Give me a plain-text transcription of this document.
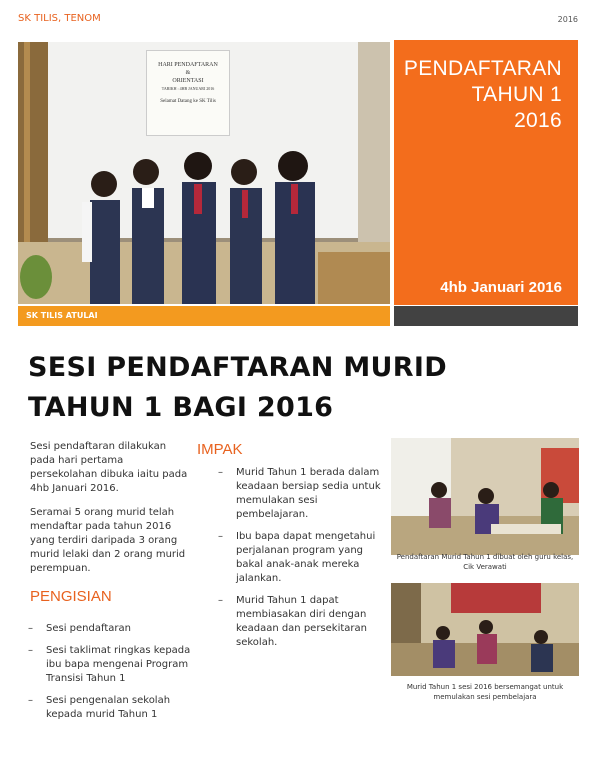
SK TILIS, TENOM	2016
HARI PENDAFTARAN
&
ORIENTASI
TARIKH : 4HB JANUARI 2016
Selamat Datang ke SK Tilis
PENDAFTARAN
TAHUN 1
2016
4hb Januari 2016
SK TILIS ATULAI
SESI PENDAFTARAN MURID
TAHUN 1 BAGI 2016
Sesi pendaftaran dilakukan pada hari pertama persekolahan dibuka iaitu pada 4hb Januari 2016.
Seramai 5 orang murid telah mendaftar pada tahun 2016 yang terdiri daripada 3 orang murid lelaki dan 2 orang murid perempuan.
PENGISIAN
– Sesi pendaftaran
– Sesi taklimat ringkas kepada ibu bapa mengenai Program Transisi Tahun 1
– Sesi pengenalan sekolah kepada murid Tahun 1
IMPAK
– Murid Tahun 1 berada dalam keadaan bersiap sedia untuk memulakan sesi pembelajaran.
– Ibu bapa dapat mengetahui perjalanan program yang bakal anak-anak mereka jalankan.
– Murid Tahun 1 dapat membiasakan diri dengan keadaan dan persekitaran sekolah.
Pendaftaran Murid Tahun 1 dibuat oleh guru kelas, Cik Verawati
Murid Tahun 1 sesi 2016 bersemangat untuk memulakan sesi pembelajara
